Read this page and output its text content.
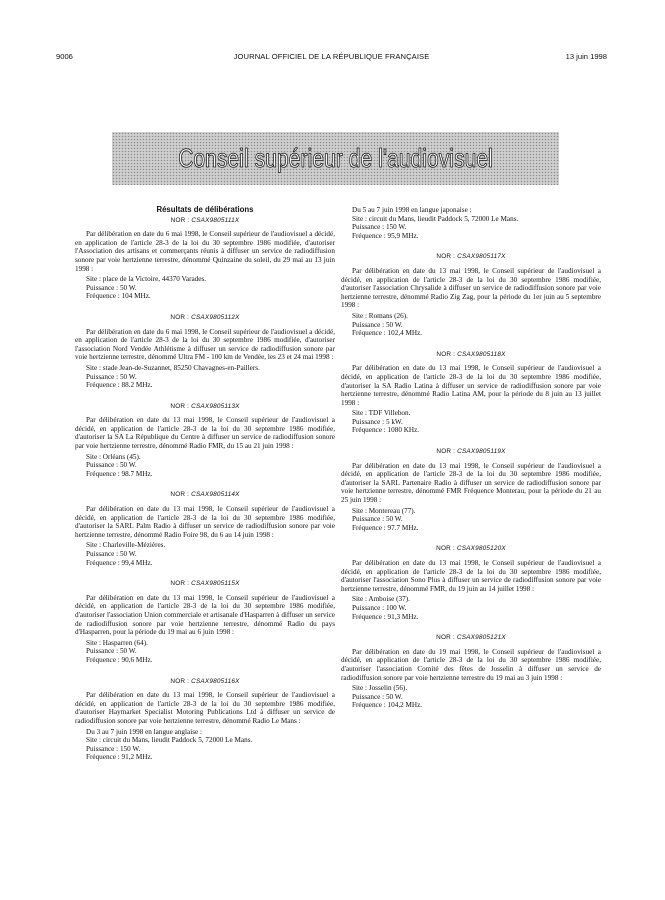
9006	JOURNAL OFFICIEL DE LA RÉPUBLIQUE FRANÇAISE	13 juin 1998
Conseil supérieur de l'audiovisuel
Résultats de délibérations
NOR : CSAX9805111X
Par délibération en date du 6 mai 1998, le Conseil supérieur de l'audiovisuel a décidé, en application de l'article 28-3 de la loi du 30 septembre 1986 modifiée, d'autoriser l'Association des artisans et commerçants réunis à diffuser un service de radiodiffusion sonore par voie hertzienne terrestre, dénommé Quinzaine du soleil, du 29 mai au 13 juin 1998 :
Site : place de la Victoire, 44370 Varades.
Puissance : 50 W.
Fréquence : 104 MHz.
NOR : CSAX9805112X
Par délibération en date du 6 mai 1998, le Conseil supérieur de l'audiovisuel a décidé, en application de l'article 28-3 de la loi du 30 septembre 1986 modifiée, d'autoriser l'association Nord Vendée Athlétisme à diffuser un service de radiodiffusion sonore par voie hertzienne terrestre, dénommé Ultra FM - 100 km de Vendée, les 23 et 24 mai 1998 :
Site : stade Jean-de-Suzannet, 85250 Chavagnes-en-Paillers.
Puissance : 50 W.
Fréquence : 88.2 MHz.
NOR : CSAX9805113X
Par délibération en date du 13 mai 1998, le Conseil supérieur de l'audiovisuel a décidé, en application de l'article 28-3 de la loi du 30 septembre 1986 modifiée, d'autoriser la SA La République du Centre à diffuser un service de radiodiffusion sonore par voie hertzienne terrestre, dénommé Radio FMR, du 15 au 21 juin 1998 :
Site : Orléans (45).
Puissance : 50 W.
Fréquence : 98.7 MHz.
NOR : CSAX9805114X
Par délibération en date du 13 mai 1998, le Conseil supérieur de l'audiovisuel a décidé, en application de l'article 28-3 de la loi du 30 septembre 1986 modifiée, d'autoriser la SARL Palm Radio à diffuser un service de radiodiffusion sonore par voie hertzienne terrestre, dénommé Radio Foire 98, du 6 au 14 juin 1998 :
Site : Charleville-Mézières.
Puissance : 50 W.
Fréquence : 99,4 MHz.
NOR : CSAX9805115X
Par délibération en date du 13 mai 1998, le Conseil supérieur de l'audiovisuel a décidé, en application de l'article 28-3 de la loi du 30 septembre 1986 modifiée, d'autoriser l'association Union commerciale et artisanale d'Hasparren à diffuser un service de radiodiffusion sonore par voie hertzienne terrestre, dénommé Radio du pays d'Hasparren, pour la période du 19 mai au 6 juin 1998 :
Site : Hasparren (64).
Puissance : 50 W.
Fréquence : 90,6 MHz.
NOR : CSAX9805116X
Par délibération en date du 13 mai 1998, le Conseil supérieur de l'audiovisuel a décidé, en application de l'article 28-3 de la loi du 30 septembre 1986 modifiée, d'autoriser Haymarket Specialist Motoring Publications Ltd à diffuser un service de radiodiffusion sonore par voie hertzienne terrestre, dénommé Radio Le Mans :
Du 3 au 7 juin 1998 en langue anglaise :
Site : circuit du Mans, lieudit Paddock 5, 72000 Le Mans.
Puissance : 150 W.
Fréquence : 91,2 MHz.
Du 5 au 7 juin 1998 en langue japonaise :
Site : circuit du Mans, lieudit Paddock 5, 72000 Le Mans.
Puissance : 150 W.
Fréquence : 95,9 MHz.
NOR : CSAX9805117X
Par délibération en date du 13 mai 1998, le Conseil supérieur de l'audiovisuel a décidé, en application de l'article 28-3 de la loi du 30 septembre 1986 modifiée, d'autoriser l'association Chrysalide à diffuser un service de radiodiffusion sonore par voie hertzienne terrestre, dénommé Radio Zig Zag, pour la période du 1er juin au 5 septembre 1998 :
Site : Romans (26).
Puissance : 50 W.
Fréquence : 102,4 MHz.
NOR : CSAX9805118X
Par délibération en date du 13 mai 1998, le Conseil supérieur de l'audiovisuel a décidé, en application de l'article 28-3 de la loi du 30 septembre 1986 modifiée, d'autoriser la SA Radio Latina à diffuser un service de radiodiffusion sonore par voie hertzienne terrestre, dénommé Radio Latina AM, pour la période du 8 juin au 13 juillet 1998 :
Site : TDF Villebon.
Puissance : 5 kW.
Fréquence : 1080 KHz.
NOR : CSAX9805119X
Par délibération en date du 13 mai 1998, le Conseil supérieur de l'audiovisuel a décidé, en application de l'article 28-3 de la loi du 30 septembre 1986 modifiée, d'autoriser la SARL Partenaire Radio à diffuser un service de radiodiffusion sonore par voie hertzienne terrestre, dénommé FMR Fréquence Monterau, pour la période du 21 au 25 juin 1998 :
Site : Montereau (77).
Puissance : 50 W.
Fréquence : 97.7 MHz.
NOR : CSAX9805120X
Par délibération en date du 13 mai 1998, le Conseil supérieur de l'audiovisuel a décidé, en application de l'article 28-3 de la loi du 30 septembre 1986 modifiée, d'autoriser l'association Sono Plus à diffuser un service de radiodiffusion sonore par voie hertzienne terrestre, dénommé FMR, du 19 juin au 14 juillet 1998 :
Site : Amboise (37).
Puissance : 100 W.
Fréquence : 91,3 MHz.
NOR : CSAX9805121X
Par délibération en date du 19 mai 1998, le Conseil supérieur de l'audiovisuel a décidé, en application de l'article 28-3 de la loi du 30 septembre 1986 modifiée, d'autoriser l'association Comité des fêtes de Josselin à diffuser un service de radiodiffusion sonore par voie hertzienne terrestre du 19 mai au 3 juin 1998 :
Site : Josselin (56).
Puissance : 50 W.
Fréquence : 104,2 MHz.
